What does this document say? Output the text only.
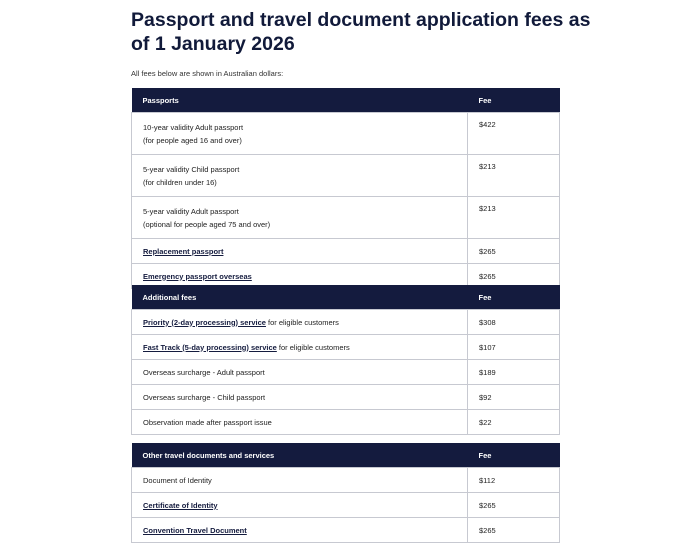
Passport and travel document application fees as of 1 January 2026

All fees below are shown in Australian dollars:

Passports	Fee
10-year validity Adult passport
(for people aged 16 and over)	$422
5-year validity Child passport
(for children under 16)	$213
5-year validity Adult passport
(optional for people aged 75 and over)	$213
Replacement passport	$265
Emergency passport overseas	$265
Additional fees	Fee
Priority (2-day processing) service for eligible customers	$308
Fast Track (5-day processing) service for eligible customers	$107
Overseas surcharge - Adult passport	$189
Overseas surcharge - Child passport	$92
Observation made after passport issue	$22
Other travel documents and services	Fee
Document of Identity	$112
Certificate of Identity	$265
Convention Travel Document	$265
